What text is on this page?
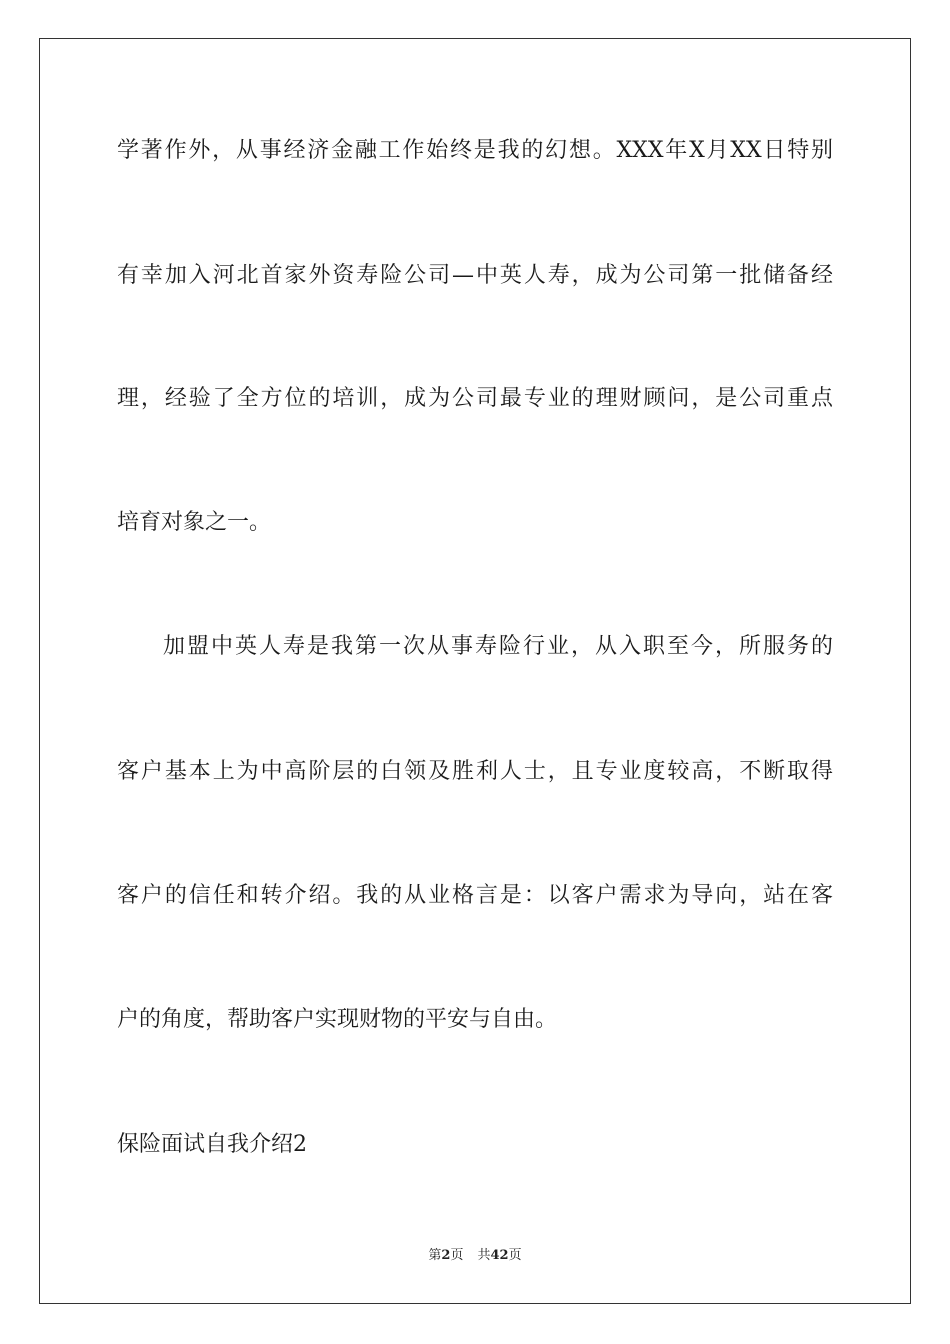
学著作外，从事经济金融工作始终是我的幻想。XXX年X月XX日特别
有幸加入河北首家外资寿险公司—中英人寿，成为公司第一批储备经
理，经验了全方位的培训，成为公司最专业的理财顾问，是公司重点
培育对象之一。
加盟中英人寿是我第一次从事寿险行业，从入职至今，所服务的
客户基本上为中高阶层的白领及胜利人士，且专业度较高，不断取得
客户的信任和转介绍。我的从业格言是：以客户需求为导向，站在客
户的角度，帮助客户实现财物的平安与自由。
保险面试自我介绍2
第2页 共42页
